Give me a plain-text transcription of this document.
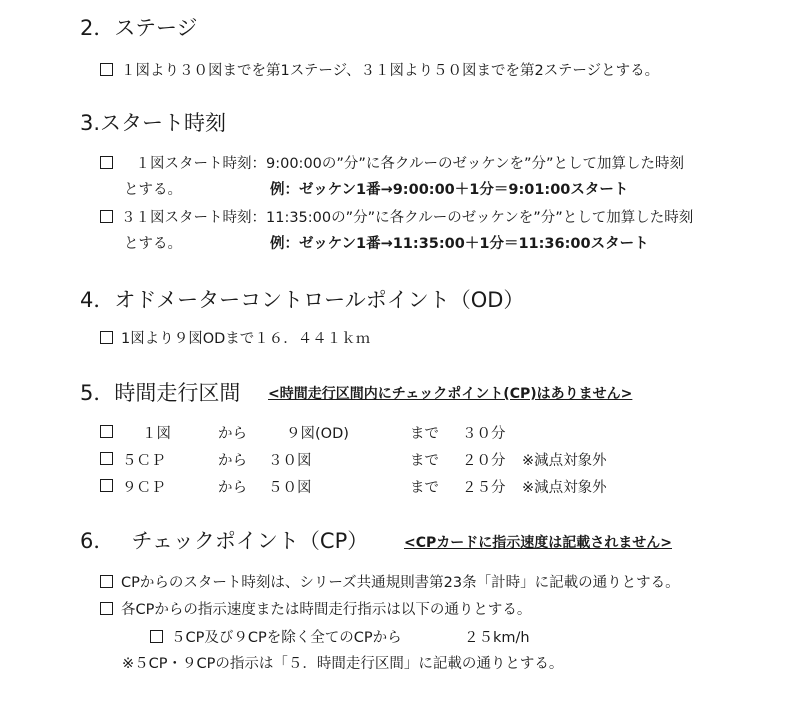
2．ステージ
１図より３０図までを第1ステージ、３１図より５０図までを第2ステージとする。
3.スタート時刻
　１図スタート時刻：9:00:00の”分”に各クルーのゼッケンを”分”として加算した時刻
とする。	例：ゼッケン1番→9:00:00＋1分＝9:01:00スタート
３１図スタート時刻：11:35:00の”分”に各クルーのゼッケンを”分”として加算した時刻
とする。	例：ゼッケン1番→11:35:00＋1分＝11:36:00スタート
4．オドメーターコントロールポイント（OD）
1図より９図ODまで１６．４４１ｋｍ
5．時間走行区間 <時間走行区間内にチェックポイント(CP)はありません>
１図	から	９図(OD)	まで ３０分
５ＣＰ	から ３０図	まで ２０分 ※減点対象外
９ＣＰ	から ５０図	まで ２５分 ※減点対象外
6．　 チェックポイント（CP）	<CPカードに指示速度は記載されません>
CPからのスタート時刻は、シリーズ共通規則書第23条「計時」に記載の通りとする。
各CPからの指示速度または時間走行指示は以下の通りとする。
５CP及び９CPを除く全てのCPから	２５km/h
※５CP・９CPの指示は「５．時間走行区間」に記載の通りとする。
